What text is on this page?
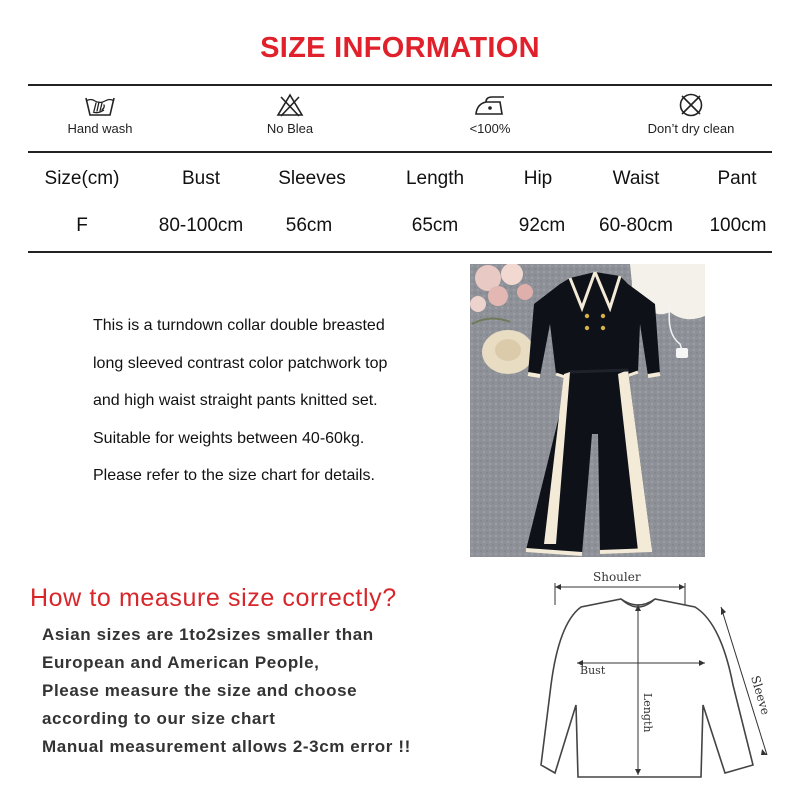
SIZE INFORMATION
Hand wash	No Blea	<100%	Don’t dry clean
Size(cm)	Bust	Sleeves	Length	Hip	Waist	Pant
F	80-100cm	56cm	65cm	92cm	60-80cm	100cm
This is a turndown collar double breasted
long sleeved contrast color patchwork top
and high waist straight pants knitted set.
Suitable for weights between 40-60kg.
Please refer to the size chart for details.
How to measure size correctly?
Asian sizes are 1to2sizes smaller than
European and American People,
Please measure the size and choose
according to our size chart
Manual measurement allows 2-3cm error !!
Shouler
Bust
Length	Sleeve
